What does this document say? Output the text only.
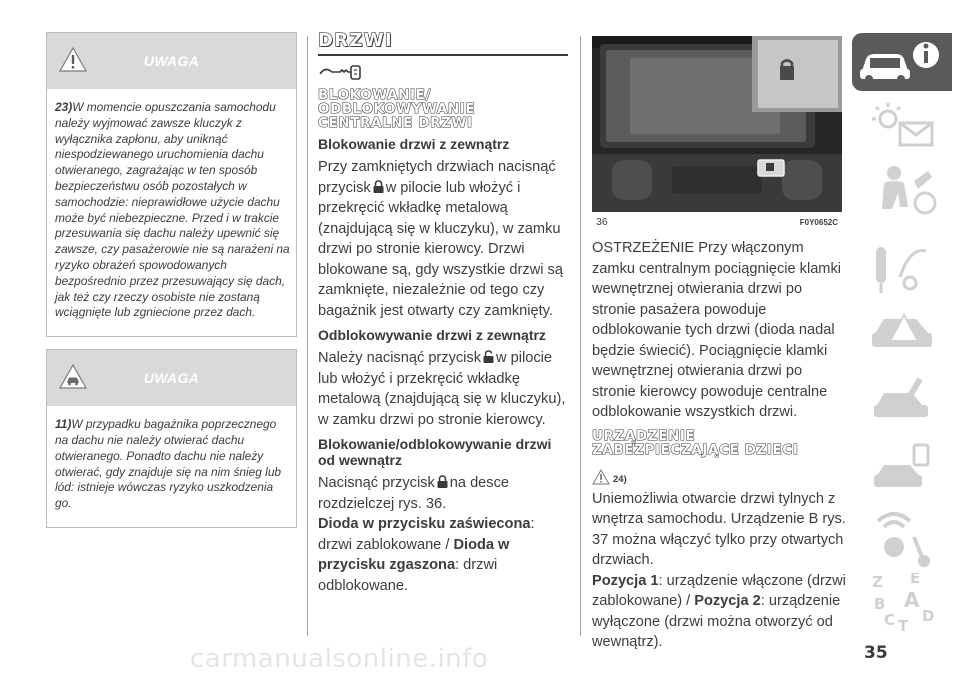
UWAGA
23)W momencie opuszczania samochodu należy wyjmować zawsze kluczyk z wyłącznika zapłonu, aby uniknąć niespodziewanego uruchomienia dachu otwieranego, zagrażając w ten sposób bezpieczeństwu osób pozostałych w samochodzie: nieprawidłowe użycie dachu może być niebezpieczne. Przed i w trakcie przesuwania się dachu należy upewnić się zawsze, czy pasażerowie nie są narażeni na ryzyko obrażeń spowodowanych bezpośrednio przez przesuwający się dach, jak też czy rzeczy osobiste nie zostaną wciągnięte lub zgniecione przez dach.
UWAGA
11)W przypadku bagażnika poprzecznego na dachu nie należy otwierać dachu otwieranego. Ponadto dachu nie należy otwierać, gdy znajduje się na nim śnieg lub lód: istnieje wówczas ryzyko uszkodzenia go.
DRZWI
BLOKOWANIE/ ODBLOKOWYWANIE CENTRALNE DRZWI
Blokowanie drzwi z zewnątrz

Przy zamkniętych drzwiach nacisnąć przycisk w pilocie lub włożyć i przekręcić wkładkę metalową (znajdującą się w kluczyku), w zamku drzwi po stronie kierowcy. Drzwi blokowane są, gdy wszystkie drzwi są zamknięte, niezależnie od tego czy bagażnik jest otwarty czy zamknięty.

Odblokowywanie drzwi z zewnątrz

Należy nacisnąć przycisk w pilocie lub włożyć i przekręcić wkładkę metalową (znajdującą się w kluczyku), w zamku drzwi po stronie kierowcy.

Blokowanie/odblokowywanie drzwi od wewnątrz

Nacisnąć przycisk na desce rozdzielczej rys. 36.
Dioda w przycisku zaświecona: drzwi zablokowane / Dioda w przycisku zgaszona: drzwi odblokowane.

36	F0Y0652C

OSTRZEŻENIE Przy włączonym zamku centralnym pociągnięcie klamki wewnętrznej otwierania drzwi po stronie pasażera powoduje odblokowanie tych drzwi (dioda nadal będzie świecić). Pociągnięcie klamki wewnętrznej otwierania drzwi po stronie kierowcy powoduje centralne odblokowanie wszystkich drzwi.

URZĄDZENIE ZABEZPIECZAJĄCE DZIECI
24)

Uniemożliwia otwarcie drzwi tylnych z wnętrza samochodu. Urządzenie B rys. 37 można włączyć tylko przy otwartych drzwiach.
Pozycja 1: urządzenie włączone (drzwi zablokowane) / Pozycja 2: urządzenie wyłączone (drzwi można otworzyć od wewnątrz).

Z E
B A
C T
D
35
carmanualsonline.info
